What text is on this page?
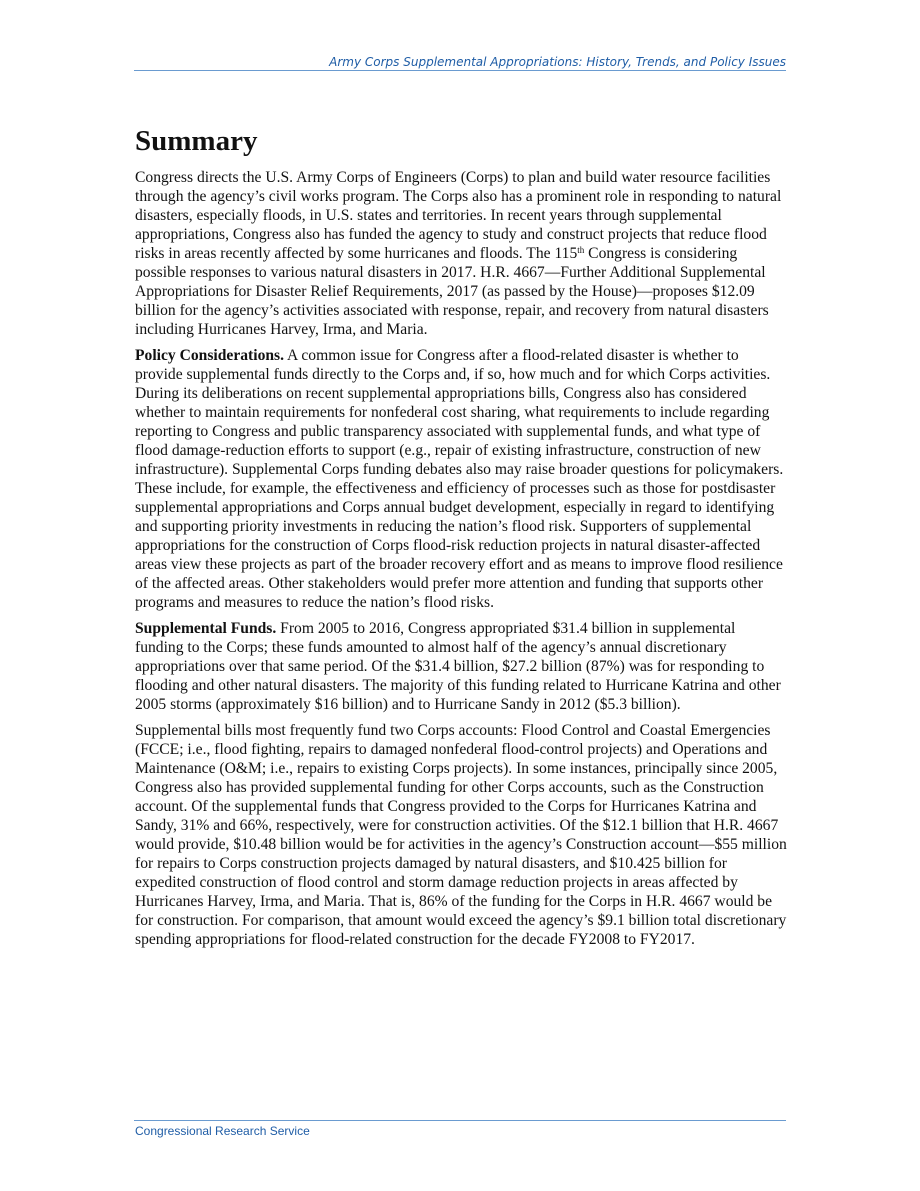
Army Corps Supplemental Appropriations: History, Trends, and Policy Issues
Summary

Congress directs the U.S. Army Corps of Engineers (Corps) to plan and build water resource facilities through the agency’s civil works program. The Corps also has a prominent role in responding to natural disasters, especially floods, in U.S. states and territories. In recent years through supplemental appropriations, Congress also has funded the agency to study and construct projects that reduce flood risks in areas recently affected by some hurricanes and floods. The 115th Congress is considering possible responses to various natural disasters in 2017. H.R. 4667—Further Additional Supplemental Appropriations for Disaster Relief Requirements, 2017 (as passed by the House)—proposes $12.09 billion for the agency’s activities associated with response, repair, and recovery from natural disasters including Hurricanes Harvey, Irma, and Maria.

Policy Considerations. A common issue for Congress after a flood-related disaster is whether to provide supplemental funds directly to the Corps and, if so, how much and for which Corps activities. During its deliberations on recent supplemental appropriations bills, Congress also has considered whether to maintain requirements for nonfederal cost sharing, what requirements to include regarding reporting to Congress and public transparency associated with supplemental funds, and what type of flood damage-reduction efforts to support (e.g., repair of existing infrastructure, construction of new infrastructure). Supplemental Corps funding debates also may raise broader questions for policymakers. These include, for example, the effectiveness and efficiency of processes such as those for postdisaster supplemental appropriations and Corps annual budget development, especially in regard to identifying and supporting priority investments in reducing the nation’s flood risk. Supporters of supplemental appropriations for the construction of Corps flood-risk reduction projects in natural disaster-affected areas view these projects as part of the broader recovery effort and as means to improve flood resilience of the affected areas. Other stakeholders would prefer more attention and funding that supports other programs and measures to reduce the nation’s flood risks.

Supplemental Funds. From 2005 to 2016, Congress appropriated $31.4 billion in supplemental funding to the Corps; these funds amounted to almost half of the agency’s annual discretionary appropriations over that same period. Of the $31.4 billion, $27.2 billion (87%) was for responding to flooding and other natural disasters. The majority of this funding related to Hurricane Katrina and other 2005 storms (approximately $16 billion) and to Hurricane Sandy in 2012 ($5.3 billion).

Supplemental bills most frequently fund two Corps accounts: Flood Control and Coastal Emergencies (FCCE; i.e., flood fighting, repairs to damaged nonfederal flood-control projects) and Operations and Maintenance (O&M; i.e., repairs to existing Corps projects). In some instances, principally since 2005, Congress also has provided supplemental funding for other Corps accounts, such as the Construction account. Of the supplemental funds that Congress provided to the Corps for Hurricanes Katrina and Sandy, 31% and 66%, respectively, were for construction activities. Of the $12.1 billion that H.R. 4667 would provide, $10.48 billion would be for activities in the agency’s Construction account—$55 million for repairs to Corps construction projects damaged by natural disasters, and $10.425 billion for expedited construction of flood control and storm damage reduction projects in areas affected by Hurricanes Harvey, Irma, and Maria. That is, 86% of the funding for the Corps in H.R. 4667 would be for construction. For comparison, that amount would exceed the agency’s $9.1 billion total discretionary spending appropriations for flood-related construction for the decade FY2008 to FY2017.

Congressional Research Service
